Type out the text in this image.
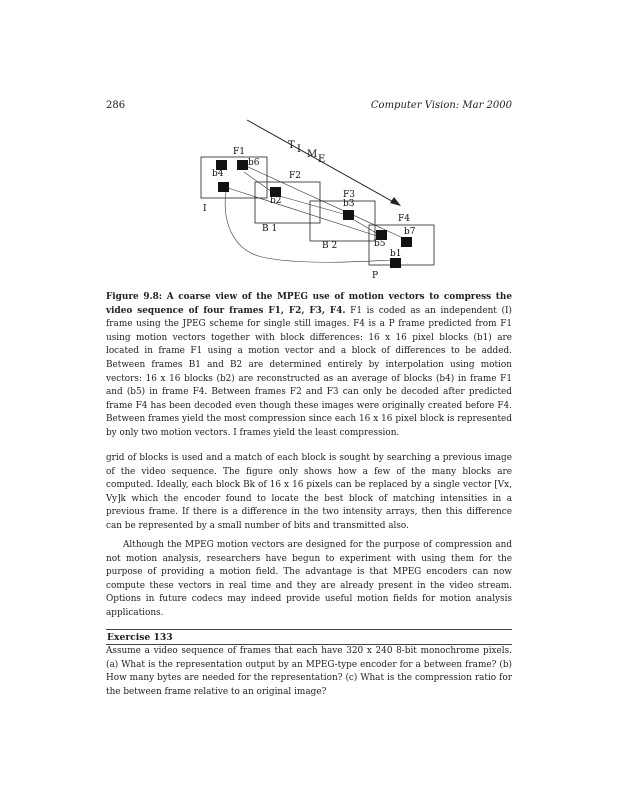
286	Computer Vision: Mar 2000
T I M E
F1
b6
b4	F2
I
b2
F3
b3
B 1
F4
b7
B 2	b5
b1
P

Figure 9.8: A coarse view of the MPEG use of motion vectors to compress the video sequence of four frames F1, F2, F3, F4. F1 is coded as an independent (I) frame using the JPEG scheme for single still images. F4 is a P frame predicted from F1 using motion vectors together with block differences: 16 x 16 pixel blocks (b1) are located in frame F1 using a motion vector and a block of differences to be added. Between frames B1 and B2 are determined entirely by interpolation using motion vectors: 16 x 16 blocks (b2) are reconstructed as an average of blocks (b4) in frame F1 and (b5) in frame F4. Between frames F2 and F3 can only be decoded after predicted frame F4 has been decoded even though these images were originally created before F4. Between frames yield the most compression since each 16 x 16 pixel block is represented by only two motion vectors. I frames yield the least compression.

grid of blocks is used and a match of each block is sought by searching a previous image of the video sequence. The figure only shows how a few of the many blocks are computed. Ideally, each block Bk of 16 x 16 pixels can be replaced by a single vector [Vx, Vy]k which the encoder found to locate the best block of matching intensities in a previous frame. If there is a difference in the two intensity arrays, then this difference can be represented by a small number of bits and transmitted also.

Although the MPEG motion vectors are designed for the purpose of compression and not motion analysis, researchers have begun to experiment with using them for the purpose of providing a motion field. The advantage is that MPEG encoders can now compute these vectors in real time and they are already present in the video stream. Options in future codecs may indeed provide useful motion fields for motion analysis applications.

Exercise 133

Assume a video sequence of frames that each have 320 x 240 8-bit monochrome pixels. (a) What is the representation output by an MPEG-type encoder for a between frame? (b) How many bytes are needed for the representation? (c) What is the compression ratio for the between frame relative to an original image?
